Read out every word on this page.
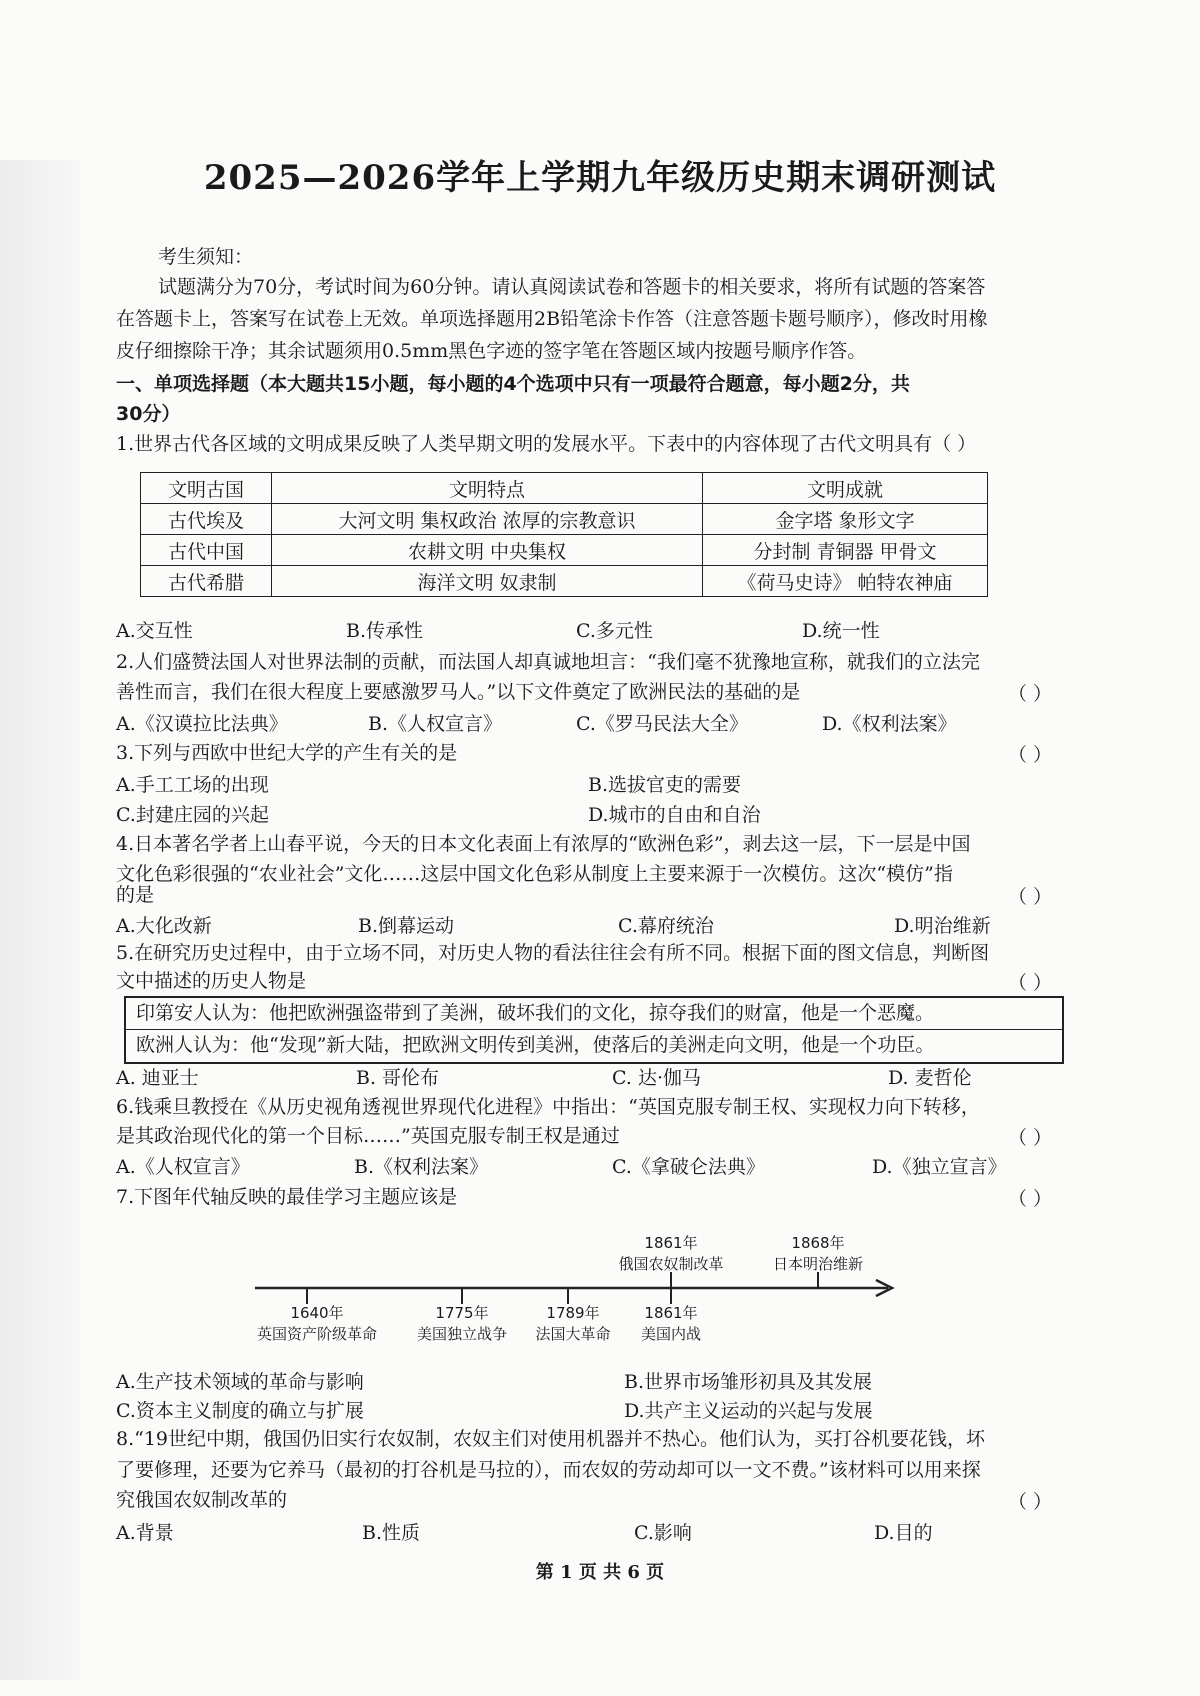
2025—2026学年上学期九年级历史期末调研测试
考生须知：
试题满分为70分，考试时间为60分钟。请认真阅读试卷和答题卡的相关要求，将所有试题的答案答
在答题卡上，答案写在试卷上无效。单项选择题用2B铅笔涂卡作答（注意答题卡题号顺序），修改时用橡
皮仔细擦除干净；其余试题须用0.5mm黑色字迹的签字笔在答题区域内按题号顺序作答。
一、单项选择题（本大题共15小题，每小题的4个选项中只有一项最符合题意，每小题2分，共
30分）
1.世界古代各区域的文明成果反映了人类早期文明的发展水平。下表中的内容体现了古代文明具有（ ）
文明古国	文明特点	文明成就
古代埃及	大河文明 集权政治 浓厚的宗教意识	金字塔 象形文字
古代中国	农耕文明 中央集权	分封制 青铜器 甲骨文
古代希腊	海洋文明 奴隶制	《荷马史诗》 帕特农神庙
A.交互性	B.传承性	C.多元性	D.统一性
2.人们盛赞法国人对世界法制的贡献，而法国人却真诚地坦言：“我们毫不犹豫地宣称，就我们的立法完
善性而言，我们在很大程度上要感激罗马人。”以下文件奠定了欧洲民法的基础的是	（ ）
A.《汉谟拉比法典》	B.《人权宣言》	C.《罗马民法大全》	D.《权利法案》
3.下列与西欧中世纪大学的产生有关的是	（ ）
A.手工工场的出现	B.选拔官吏的需要
C.封建庄园的兴起	D.城市的自由和自治
4.日本著名学者上山春平说，今天的日本文化表面上有浓厚的“欧洲色彩”，剥去这一层，下一层是中国
文化色彩很强的“农业社会”文化……这层中国文化色彩从制度上主要来源于一次模仿。这次“模仿”指
的是	（ ）
A.大化改新	B.倒幕运动	C.幕府统治	D.明治维新
5.在研究历史过程中，由于立场不同，对历史人物的看法往往会有所不同。根据下面的图文信息，判断图
文中描述的历史人物是	（ ）
印第安人认为：他把欧洲强盗带到了美洲，破坏我们的文化，掠夺我们的财富，他是一个恶魔。
欧洲人认为：他“发现”新大陆，把欧洲文明传到美洲，使落后的美洲走向文明，他是一个功臣。
A. 迪亚士	B. 哥伦布	C. 达·伽马	D. 麦哲伦
6.钱乘旦教授在《从历史视角透视世界现代化进程》中指出：“英国克服专制王权、实现权力向下转移，
是其政治现代化的第一个目标……”英国克服专制王权是通过	（ ）
A.《人权宣言》	B.《权利法案》	C.《拿破仑法典》	D.《独立宣言》
7.下图年代轴反映的最佳学习主题应该是	（ ）
1640年
英国资产阶级革命
1775年
美国独立战争
1789年
法国大革命
1861年
美国内战
1861年
俄国农奴制改革
1868年
日本明治维新
A.生产技术领域的革命与影响	B.世界市场雏形初具及其发展
C.资本主义制度的确立与扩展	D.共产主义运动的兴起与发展
8.“19世纪中期，俄国仍旧实行农奴制，农奴主们对使用机器并不热心。他们认为，买打谷机要花钱，坏
了要修理，还要为它养马（最初的打谷机是马拉的），而农奴的劳动却可以一文不费。”该材料可以用来探
究俄国农奴制改革的	（ ）
A.背景	B.性质	C.影响	D.目的
第 1 页 共 6 页
